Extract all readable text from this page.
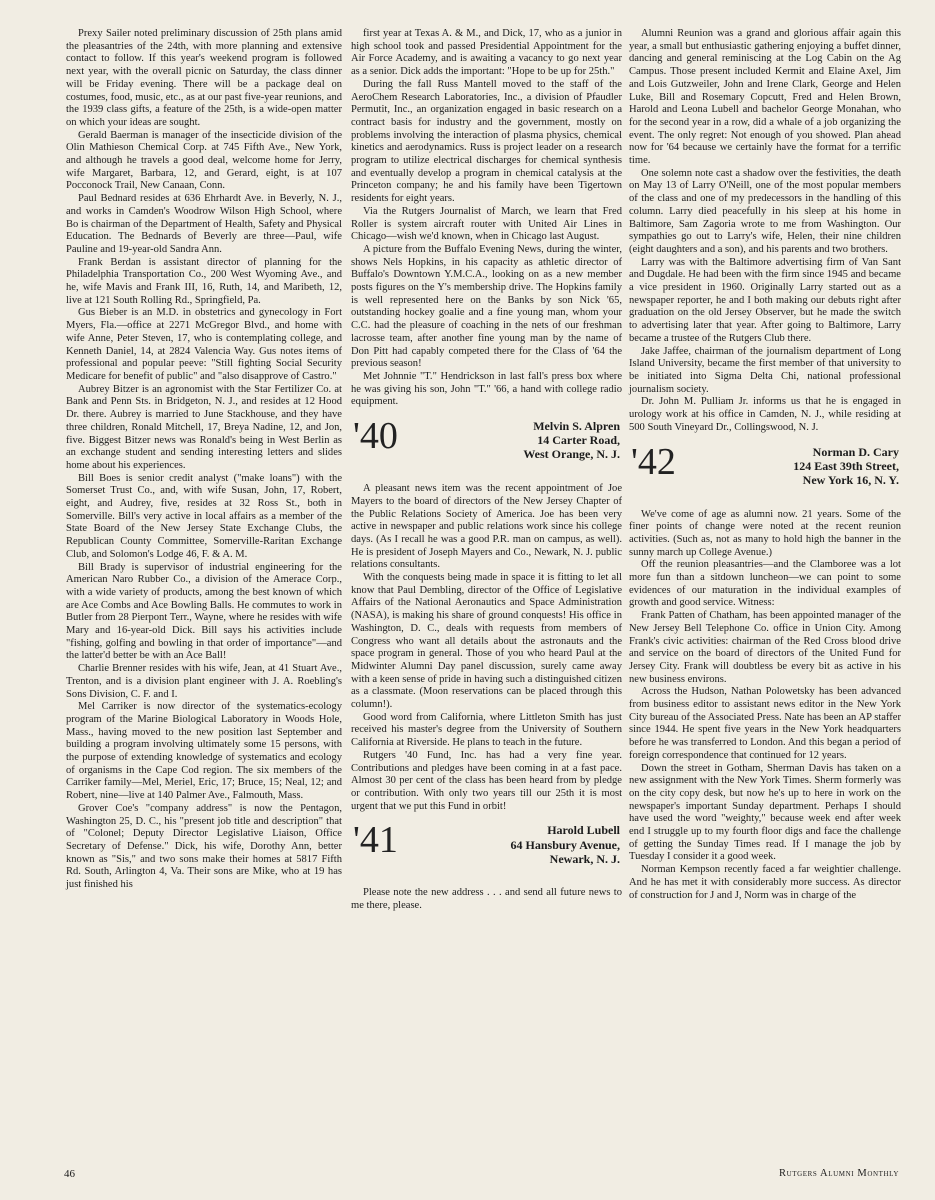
Prexy Sailer noted preliminary discussion of 25th plans amid the pleasantries of the 24th, with more planning and extensive contact to follow. If this year's weekend program is followed next year, with the overall picnic on Saturday, the class dinner will be Friday evening. There will be a package deal on costumes, food, music, etc., as at our past five-year reunions, and the 1939 class gifts, a feature of the 25th, is a wide-open matter on which your ideas are sought.

Gerald Baerman is manager of the insecticide division of the Olin Mathieson Chemical Corp. at 745 Fifth Ave., New York, and although he travels a good deal, welcome home for Jerry, wife Margaret, Barbara, 12, and Gerard, eight, is at 107 Pocconock Trail, New Canaan, Conn.

Paul Bednard resides at 636 Ehrhardt Ave. in Beverly, N. J., and works in Camden's Woodrow Wilson High School, where Bo is chairman of the Department of Health, Safety and Physical Education. The Bednards of Beverly are three—Paul, wife Pauline and 19-year-old Sandra Ann.

Frank Berdan is assistant director of planning for the Philadelphia Transportation Co., 200 West Wyoming Ave., and he, wife Mavis and Frank III, 16, Ruth, 14, and Maribeth, 12, live at 121 South Rolling Rd., Springfield, Pa.

Gus Bieber is an M.D. in obstetrics and gynecology in Fort Myers, Fla.—office at 2271 McGregor Blvd., and home with wife Anne, Peter Steven, 17, who is contemplating college, and Kenneth Daniel, 14, at 2824 Valencia Way. Gus notes items of professional and popular peeve: "Still fighting Social Security Medicare for benefit of public" and "also disapprove of Castro."

Aubrey Bitzer is an agronomist with the Star Fertilizer Co. at Bank and Penn Sts. in Bridgeton, N. J., and resides at 12 Hood Dr. there. Aubrey is married to June Stackhouse, and they have three children, Ronald Mitchell, 17, Breya Nadine, 12, and Jon, five. Biggest Bitzer news was Ronald's being in West Berlin as an exchange student and sending interesting letters and slides home about his experiences.

Bill Boes is senior credit analyst ("make loans") with the Somerset Trust Co., and, with wife Susan, John, 17, Robert, eight, and Audrey, five, resides at 32 Ross St., both in Somerville. Bill's very active in local affairs as a member of the State Board of the New Jersey State Exchange Clubs, the Republican County Committee, Somerville-Raritan Exchange Club, and Solomon's Lodge 46, F. & A. M.

Bill Brady is supervisor of industrial engineering for the American Naro Rubber Co., a division of the Amerace Corp., with a wide variety of products, among the best known of which are Ace Combs and Ace Bowling Balls. He commutes to work in Butler from 28 Pierpont Terr., Wayne, where he resides with wife Mary and 16-year-old Dick. Bill says his activities include "fishing, golfing and bowling in that order of importance"—and the latter'd better be with an Ace Ball!

Charlie Brenner resides with his wife, Jean, at 41 Stuart Ave., Trenton, and is a division plant engineer with J. A. Roebling's Sons Division, C. F. and I.

Mel Carriker is now director of the systematics-ecology program of the Marine Biological Laboratory in Woods Hole, Mass., having moved to the new position last September and building a program involving ultimately some 15 persons, with the purpose of extending knowledge of systematics and ecology of organisms in the Cape Cod region. The six members of the Carriker family—Mel, Meriel, Eric, 17; Bruce, 15; Neal, 12; and Robert, nine—live at 140 Palmer Ave., Falmouth, Mass.

Grover Coe's "company address" is now the Pentagon, Washington 25, D. C., his "present job title and description" that of "Colonel; Deputy Director Legislative Liaison, Office Secretary of Defense." Dick, his wife, Dorothy Ann, better known as "Sis," and two sons make their homes at 5817 Fifth Rd. South, Arlington 4, Va. Their sons are Mike, who at 19 has just finished his

first year at Texas A. & M., and Dick, 17, who as a junior in high school took and passed Presidential Appointment for the Air Force Academy, and is awaiting a vacancy to go next year as a senior. Dick adds the important: "Hope to be up for 25th."

During the fall Russ Mantell moved to the staff of the AeroChem Research Laboratories, Inc., a division of Pfaudler Permutit, Inc., an organization engaged in basic research on a contract basis for industry and the government, mostly on problems involving the interaction of plasma physics, chemical kinetics and aerodynamics. Russ is project leader on a research program to utilize electrical discharges for chemical synthesis and eventually develop a program in chemical catalysis at the Princeton company; he and his family have been Tigertown residents for eight years.

Via the Rutgers Journalist of March, we learn that Fred Roller is system aircraft router with United Air Lines in Chicago—wish we'd known, when in Chicago last August.

A picture from the Buffalo Evening News, during the winter, shows Nels Hopkins, in his capacity as athletic director of Buffalo's Downtown Y.M.C.A., looking on as a new member posts figures on the Y's membership drive. The Hopkins family is well represented here on the Banks by son Nick '65, outstanding hockey goalie and a fine young man, whom your C.C. had the pleasure of coaching in the nets of our freshman lacrosse team, after another fine young man by the name of Don Pitt had capably competed there for the Class of '64 the previous season!

Met Johnnie "T." Hendrickson in last fall's press box where he was giving his son, John "T." '66, a hand with college radio equipment.

'40	Melvin S. Alpren
14 Carter Road,
West Orange, N. J.

A pleasant news item was the recent appointment of Joe Mayers to the board of directors of the New Jersey Chapter of the Public Relations Society of America. Joe has been very active in newspaper and public relations work since his college days. (As I recall he was a good P.R. man on campus, as well). He is president of Joseph Mayers and Co., Newark, N. J. public relations consultants.

With the conquests being made in space it is fitting to let all know that Paul Dembling, director of the Office of Legislative Affairs of the National Aeronautics and Space Administration (NASA), is making his share of ground conquests! His office in Washington, D. C., deals with requests from members of Congress who want all details about the astronauts and the space program in general. Those of you who heard Paul at the Midwinter Alumni Day panel discussion, surely came away with a keen sense of pride in having such a distinguished citizen as a classmate. (Moon reservations can be placed through this column!).

Good word from California, where Littleton Smith has just received his master's degree from the University of Southern California at Riverside. He plans to teach in the future.

Rutgers '40 Fund, Inc. has had a very fine year. Contributions and pledges have been coming in at a fast pace. Almost 30 per cent of the class has been heard from by pledge or contribution. With only two years till our 25th it is most urgent that we put this Fund in orbit!

'41	Harold Lubell
64 Hansbury Avenue,
Newark, N. J.

Please note the new address . . . and send all future news to me there, please.

Alumni Reunion was a grand and glorious affair again this year, a small but enthusiastic gathering enjoying a buffet dinner, dancing and general reminiscing at the Log Cabin on the Ag Campus. Those present included Kermit and Elaine Axel, Jim and Lois Gutzweiler, John and Irene Clark, George and Helen Luke, Bill and Rosemary Copcutt, Fred and Helen Brown, Harold and Leona Lubell and bachelor George Monahan, who for the second year in a row, did a whale of a job organizing the event. The only regret: Not enough of you showed. Plan ahead now for '64 because we certainly have the format for a terrific time.

One solemn note cast a shadow over the festivities, the death on May 13 of Larry O'Neill, one of the most popular members of the class and one of my predecessors in the handling of this column. Larry died peacefully in his sleep at his home in Baltimore, Sam Zagoria wrote to me from Washington. Our sympathies go out to Larry's wife, Helen, their nine children (eight daughters and a son), and his parents and two brothers.

Larry was with the Baltimore advertising firm of Van Sant and Dugdale. He had been with the firm since 1945 and became a vice president in 1960. Originally Larry started out as a newspaper reporter, he and I both making our debuts right after graduation on the old Jersey Observer, but he made the switch to advertising later that year. After going to Baltimore, Larry became a trustee of the Rutgers Club there.

Jake Jaffee, chairman of the journalism department of Long Island University, became the first member of that university to be initiated into Sigma Delta Chi, national professional journalism society.

Dr. John M. Pulliam Jr. informs us that he is engaged in urology work at his office in Camden, N. J., while residing at 500 South Vineyard Dr., Collingswood, N. J.

'42	Norman D. Cary
124 East 39th Street,
New York 16, N. Y.

We've come of age as alumni now. 21 years. Some of the finer points of change were noted at the recent reunion activities. (Such as, not as many to hold high the banner in the sunny march up College Avenue.)

Off the reunion pleasantries—and the Clamboree was a lot more fun than a sitdown luncheon—we can point to some evidences of our maturation in the individual examples of growth and good service. Witness:

Frank Patten of Chatham, has been appointed manager of the New Jersey Bell Telephone Co. office in Union City. Among Frank's civic activities: chairman of the Red Cross blood drive and service on the board of directors of the United Fund for Jersey City. Frank will doubtless be every bit as active in his new business environs.

Across the Hudson, Nathan Polowetsky has been advanced from business editor to assistant news editor in the New York City bureau of the Associated Press. Nate has been an AP staffer since 1944. He spent five years in the New York headquarters before he was transferred to London. And this began a period of foreign correspondence that continued for 12 years.

Down the street in Gotham, Sherman Davis has taken on a new assignment with the New York Times. Sherm formerly was on the city copy desk, but now he's up to here in work on the newspaper's important Sunday department. Perhaps I should have used the word "weighty," because week end after week end I struggle up to my fourth floor digs and face the challenge of getting the Sunday Times read. If I manage the job by Tuesday I consider it a good week.

Norman Kempson recently faced a far weightier challenge. And he has met it with considerably more success. As director of construction for J and J, Norm was in charge of the

46	Rutgers Alumni Monthly
